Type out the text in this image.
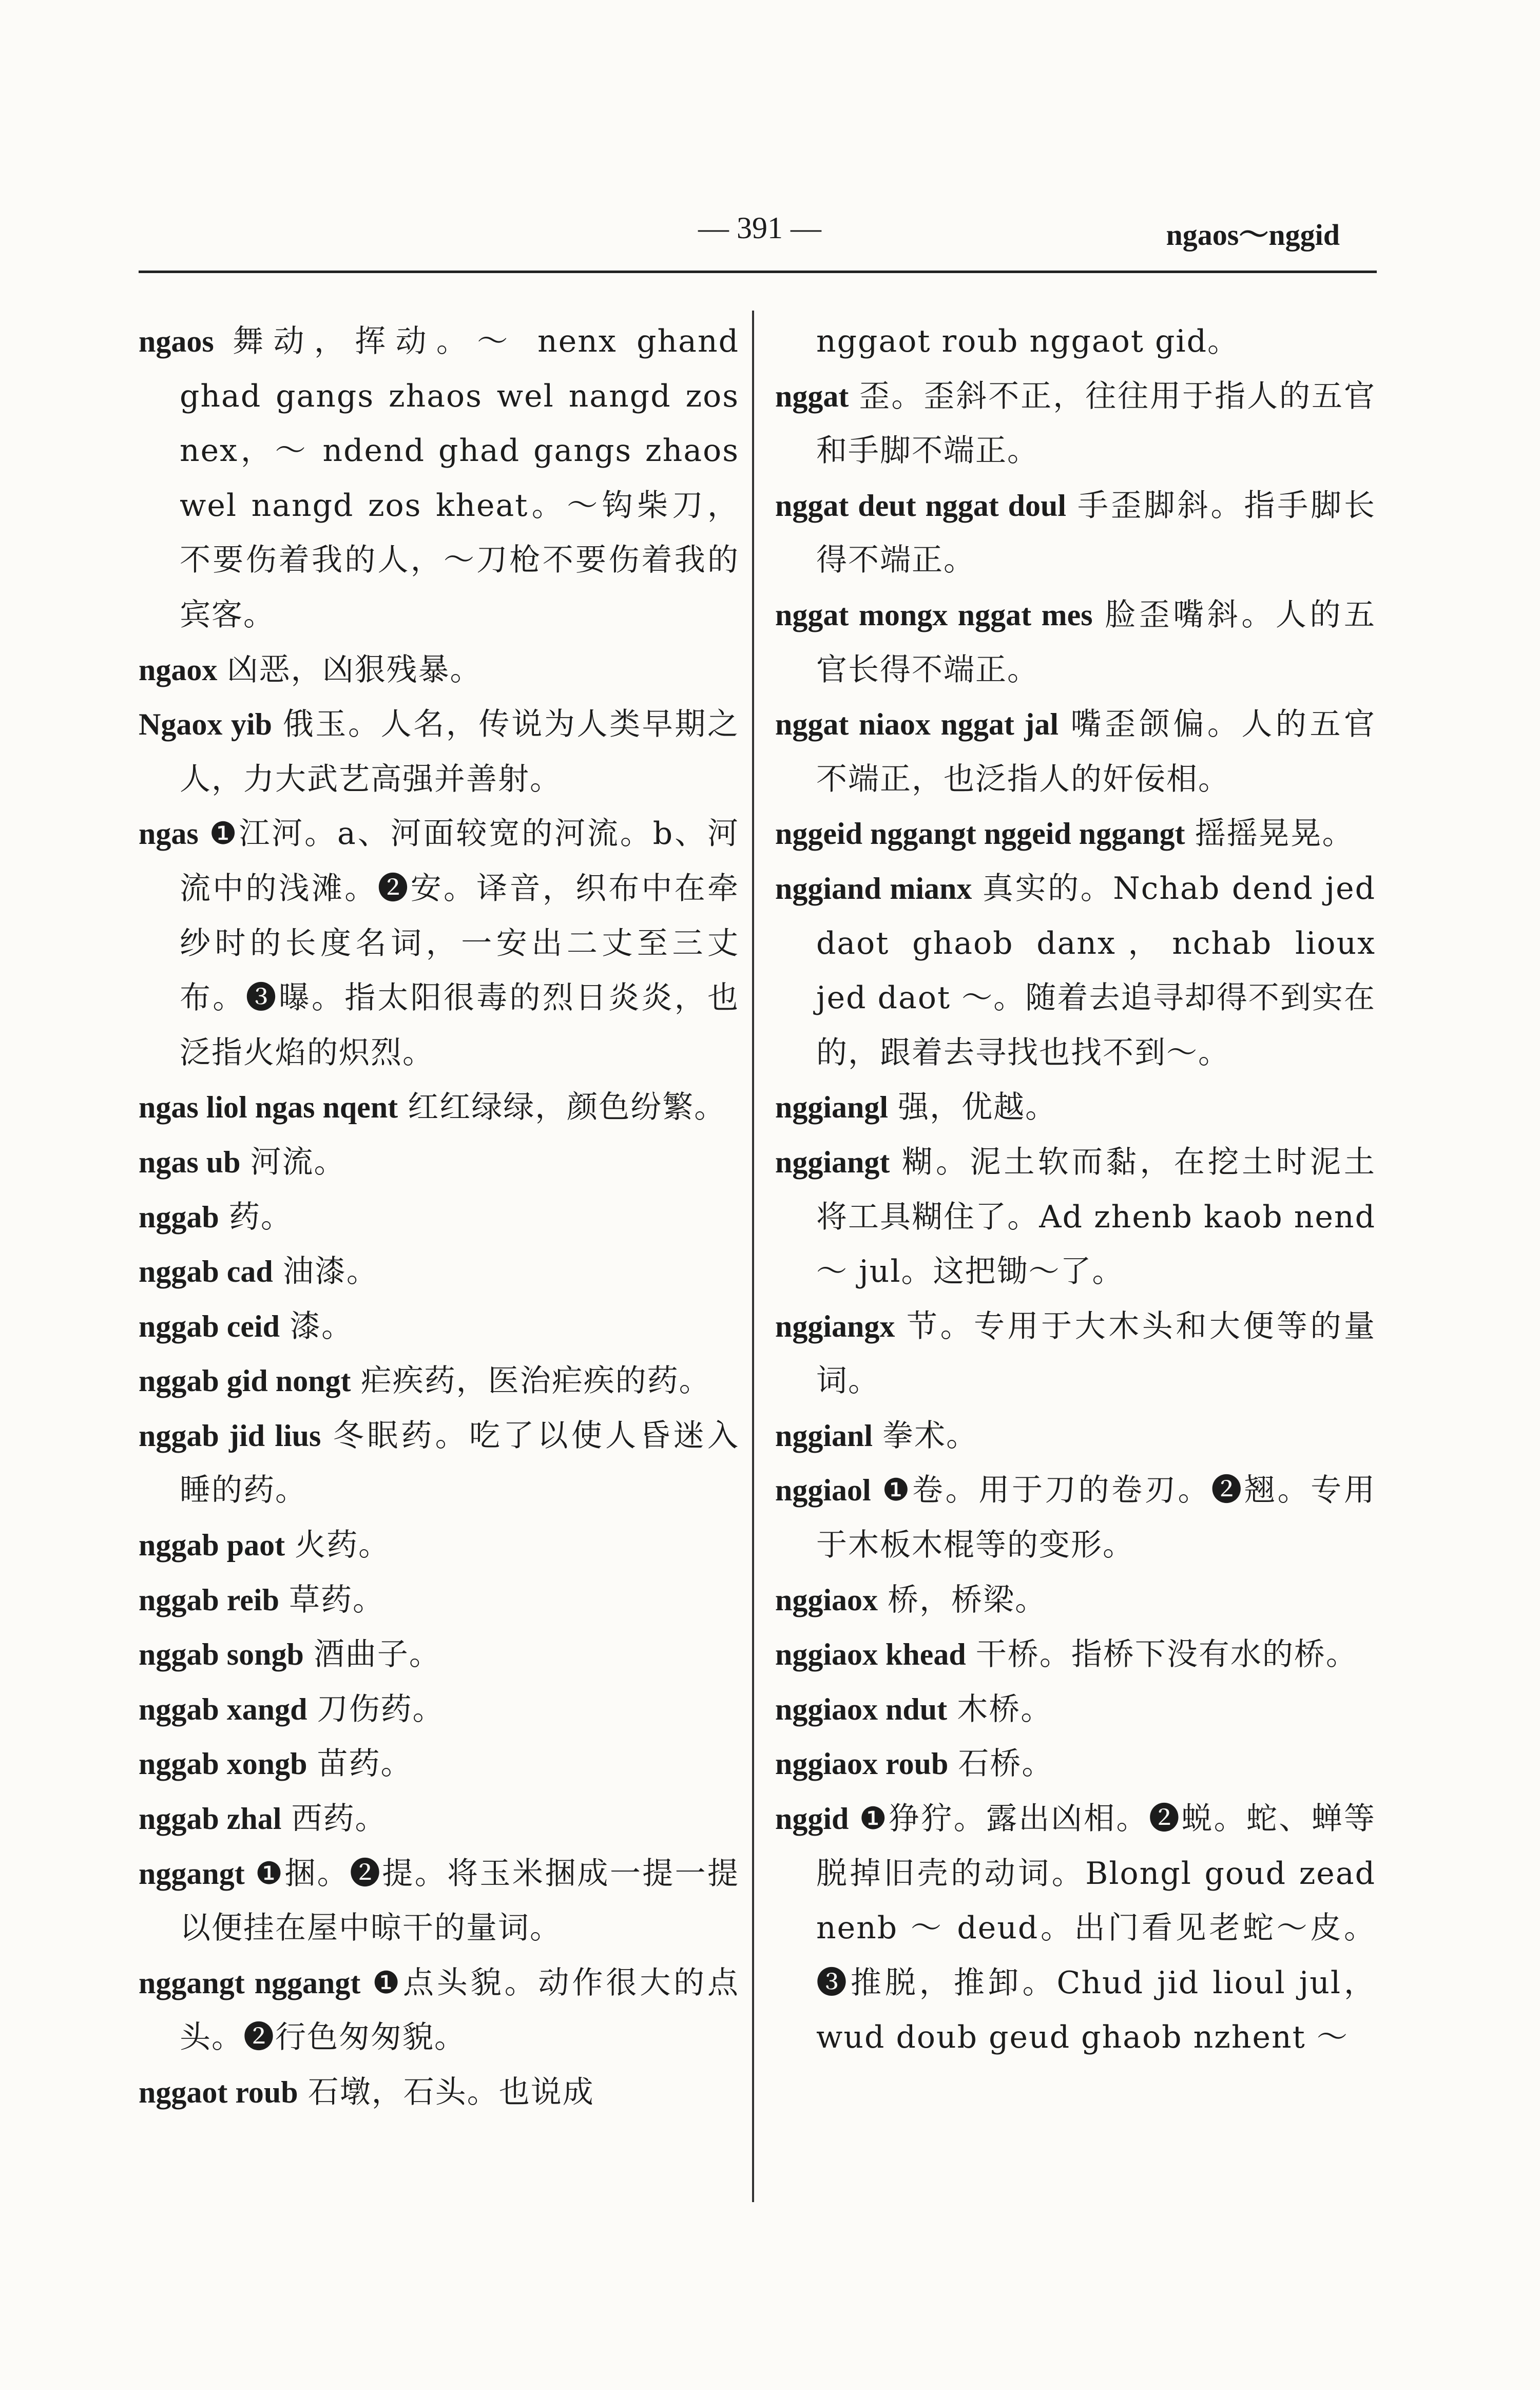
— 391 —	ngaos～nggid

ngaos 舞动，挥动。～ nenx ghand ghad gangs zhaos wel nangd zos nex，～ ndend ghad gangs zhaos wel nangd zos kheat。～钩柴刀，不要伤着我的人，～刀枪不要伤着我的宾客。

ngaox 凶恶，凶狠残暴。

Ngaox yib 俄玉。人名，传说为人类早期之人，力大武艺高强并善射。

ngas ❶江河。a、河面较宽的河流。b、河流中的浅滩。❷安。译音，织布中在牵纱时的长度名词，一安出二丈至三丈布。❸曝。指太阳很毒的烈日炎炎，也泛指火焰的炽烈。

ngas liol ngas nqent 红红绿绿，颜色纷繁。

ngas ub 河流。

nggab 药。

nggab cad 油漆。

nggab ceid 漆。

nggab gid nongt 疟疾药，医治疟疾的药。

nggab jid lius 冬眠药。吃了以使人昏迷入睡的药。

nggab paot 火药。

nggab reib 草药。

nggab songb 酒曲子。

nggab xangd 刀伤药。

nggab xongb 苗药。

nggab zhal 西药。

nggangt ❶捆。❷提。将玉米捆成一提一提以便挂在屋中晾干的量词。

nggangt nggangt ❶点头貌。动作很大的点头。❷行色匆匆貌。

nggaot roub 石墩，石头。也说成

nggaot roub nggaot gid。

nggat 歪。歪斜不正，往往用于指人的五官和手脚不端正。

nggat deut nggat doul 手歪脚斜。指手脚长得不端正。

nggat mongx nggat mes 脸歪嘴斜。人的五官长得不端正。

nggat niaox nggat jal 嘴歪颌偏。人的五官不端正，也泛指人的奸佞相。

nggeid nggangt nggeid nggangt 摇摇晃晃。

nggiand mianx 真实的。Nchab dend jed daot ghaob danx，nchab lioux jed daot ～。随着去追寻却得不到实在的，跟着去寻找也找不到～。

nggiangl 强，优越。

nggiangt 糊。泥土软而黏，在挖土时泥土将工具糊住了。Ad zhenb kaob nend ～ jul。这把锄～了。

nggiangx 节。专用于大木头和大便等的量词。

nggianl 拳术。

nggiaol ❶卷。用于刀的卷刃。❷翘。专用于木板木棍等的变形。

nggiaox 桥，桥梁。

nggiaox khead 干桥。指桥下没有水的桥。

nggiaox ndut 木桥。

nggiaox roub 石桥。

nggid ❶狰狞。露出凶相。❷蜕。蛇、蝉等脱掉旧壳的动词。Blongl goud zead nenb ～ deud。出门看见老蛇～皮。❸推脱，推卸。Chud jid lioul jul，wud doub geud ghaob nzhent ～
